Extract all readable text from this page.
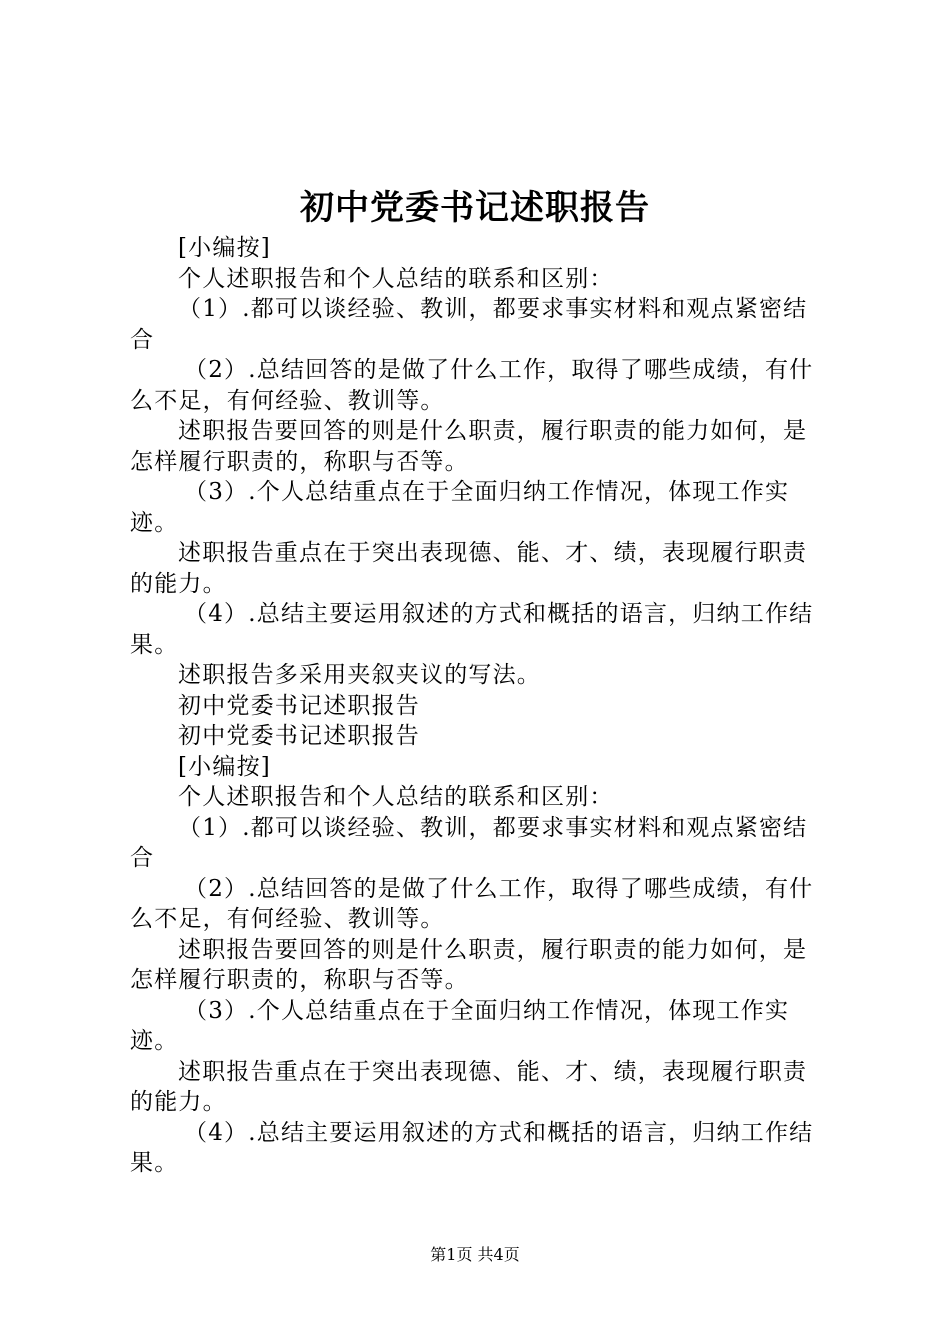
初中党委书记述职报告

[小编按]

个人述职报告和个人总结的联系和区别：

（1）.都可以谈经验、教训，都要求事实材料和观点紧密结合

（2）.总结回答的是做了什么工作，取得了哪些成绩，有什么不足，有何经验、教训等。

述职报告要回答的则是什么职责，履行职责的能力如何，是怎样履行职责的，称职与否等。

（3）.个人总结重点在于全面归纳工作情况，体现工作实迹。

述职报告重点在于突出表现德、能、才、绩，表现履行职责的能力。

（4）.总结主要运用叙述的方式和概括的语言，归纳工作结果。

述职报告多采用夹叙夹议的写法。

初中党委书记述职报告

初中党委书记述职报告

[小编按]

个人述职报告和个人总结的联系和区别：

（1）.都可以谈经验、教训，都要求事实材料和观点紧密结合

（2）.总结回答的是做了什么工作，取得了哪些成绩，有什么不足，有何经验、教训等。

述职报告要回答的则是什么职责，履行职责的能力如何，是怎样履行职责的，称职与否等。

（3）.个人总结重点在于全面归纳工作情况，体现工作实迹。

述职报告重点在于突出表现德、能、才、绩，表现履行职责的能力。

（4）.总结主要运用叙述的方式和概括的语言，归纳工作结果。

第1页 共4页
